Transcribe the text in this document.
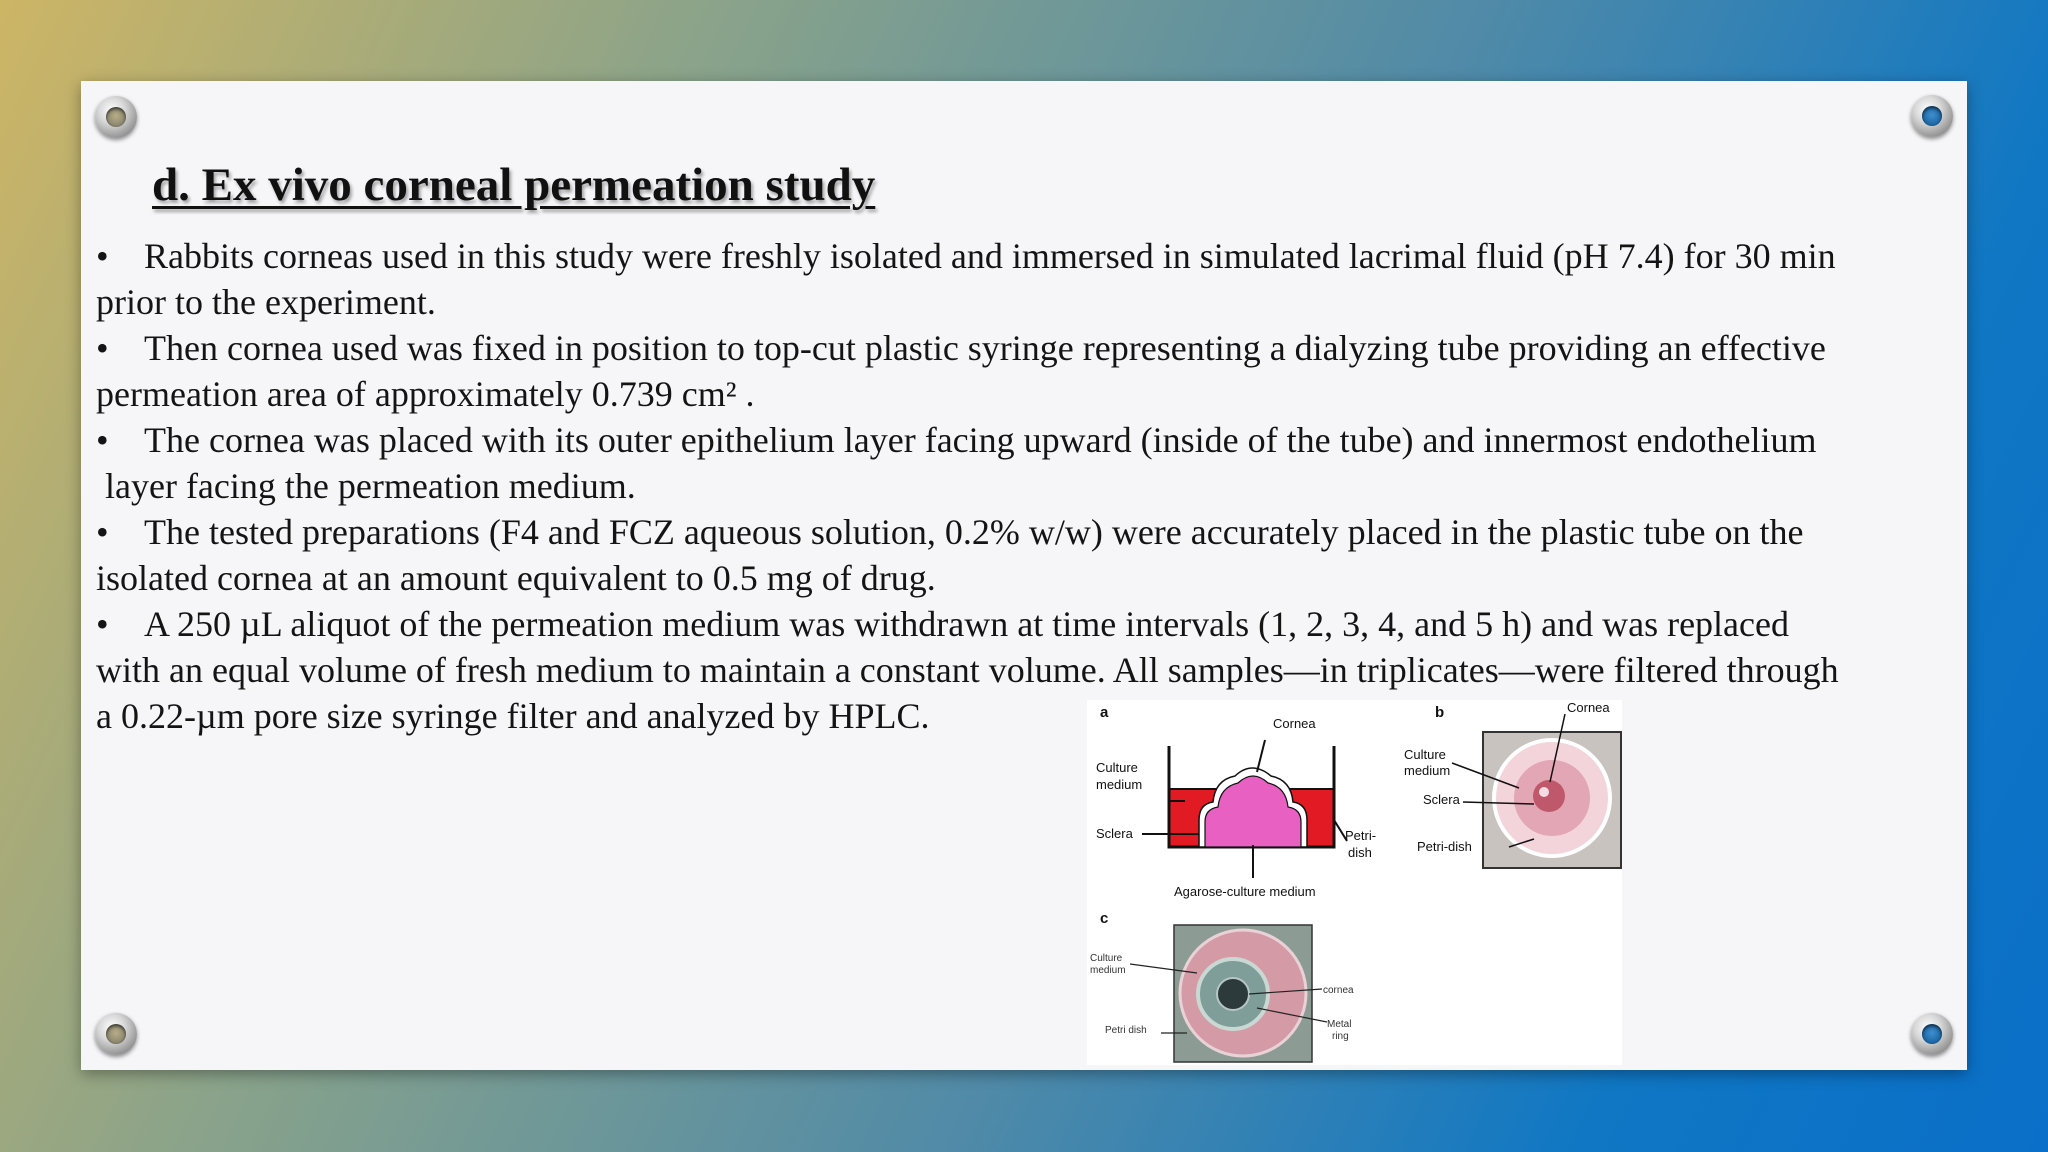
d. Ex vivo corneal permeation study

• Rabbits corneas used in this study were freshly isolated and immersed in simulated lacrimal fluid (pH 7.4) for 30 min
prior to the experiment.

• Then cornea used was fixed in position to top-cut plastic syringe representing a dialyzing tube providing an effective
permeation area of approximately 0.739 cm² .

• The cornea was placed with its outer epithelium layer facing upward (inside of the tube) and innermost endothelium
layer facing the permeation medium.

• The tested preparations (F4 and FCZ aqueous solution, 0.2% w/w) were accurately placed in the plastic tube on the
isolated cornea at an amount equivalent to 0.5 mg of drug.

• A 250 µL aliquot of the permeation medium was withdrawn at time intervals (1, 2, 3, 4, and 5 h) and was replaced
with an equal volume of fresh medium to maintain a constant volume. All samples—in triplicates—were filtered through
a 0.22-µm pore size syringe filter and analyzed by HPLC.	a
Cornea
Culture
medium
Sclera	Petri-
dish
Agarose-culture medium
b	Cornea
Culture
medium
Sclera
Petri-dish
c
Culture
medium
Petri dish
cornea
Metal
ring
